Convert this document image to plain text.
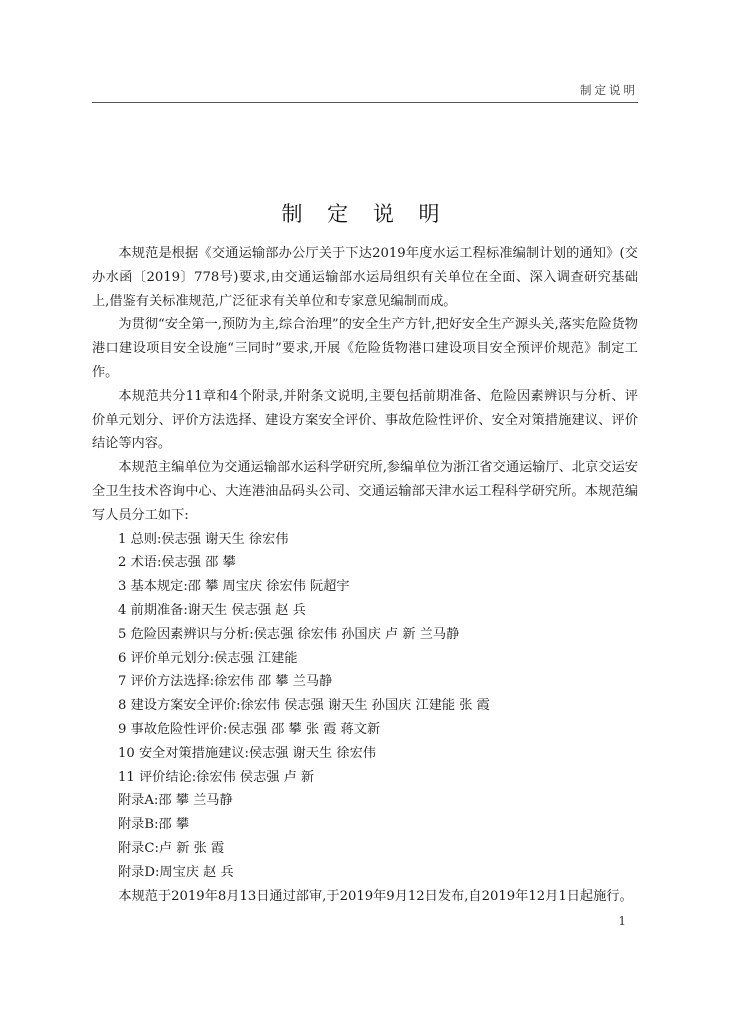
制定说明
制 定 说 明

本规范是根据《交通运输部办公厅关于下达2019年度水运工程标准编制计划的通知》(交办水函〔2019〕778号)要求,由交通运输部水运局组织有关单位在全面、深入调查研究基础上,借鉴有关标准规范,广泛征求有关单位和专家意见编制而成。

为贯彻“安全第一,预防为主,综合治理”的安全生产方针,把好安全生产源头关,落实危险货物港口建设项目安全设施“三同时”要求,开展《危险货物港口建设项目安全预评价规范》制定工作。

本规范共分11章和4个附录,并附条文说明,主要包括前期准备、危险因素辨识与分析、评价单元划分、评价方法选择、建设方案安全评价、事故危险性评价、安全对策措施建议、评价结论等内容。

本规范主编单位为交通运输部水运科学研究所,参编单位为浙江省交通运输厅、北京交运安全卫生技术咨询中心、大连港油品码头公司、交通运输部天津水运工程科学研究所。本规范编写人员分工如下:

1 总则:侯志强 谢天生 徐宏伟
2 术语:侯志强 邵 攀
3 基本规定:邵 攀 周宝庆 徐宏伟 阮超宇
4 前期准备:谢天生 侯志强 赵 兵
5 危险因素辨识与分析:侯志强 徐宏伟 孙国庆 卢 新 兰马静
6 评价单元划分:侯志强 江建能
7 评价方法选择:徐宏伟 邵 攀 兰马静
8 建设方案安全评价:徐宏伟 侯志强 谢天生 孙国庆 江建能 张 霞
9 事故危险性评价:侯志强 邵 攀 张 霞 蒋文新
10 安全对策措施建议:侯志强 谢天生 徐宏伟
11 评价结论:徐宏伟 侯志强 卢 新
附录A:邵 攀 兰马静
附录B:邵 攀
附录C:卢 新 张 霞
附录D:周宝庆 赵 兵

本规范于2019年8月13日通过部审,于2019年9月12日发布,自2019年12月1日起施行。

1
